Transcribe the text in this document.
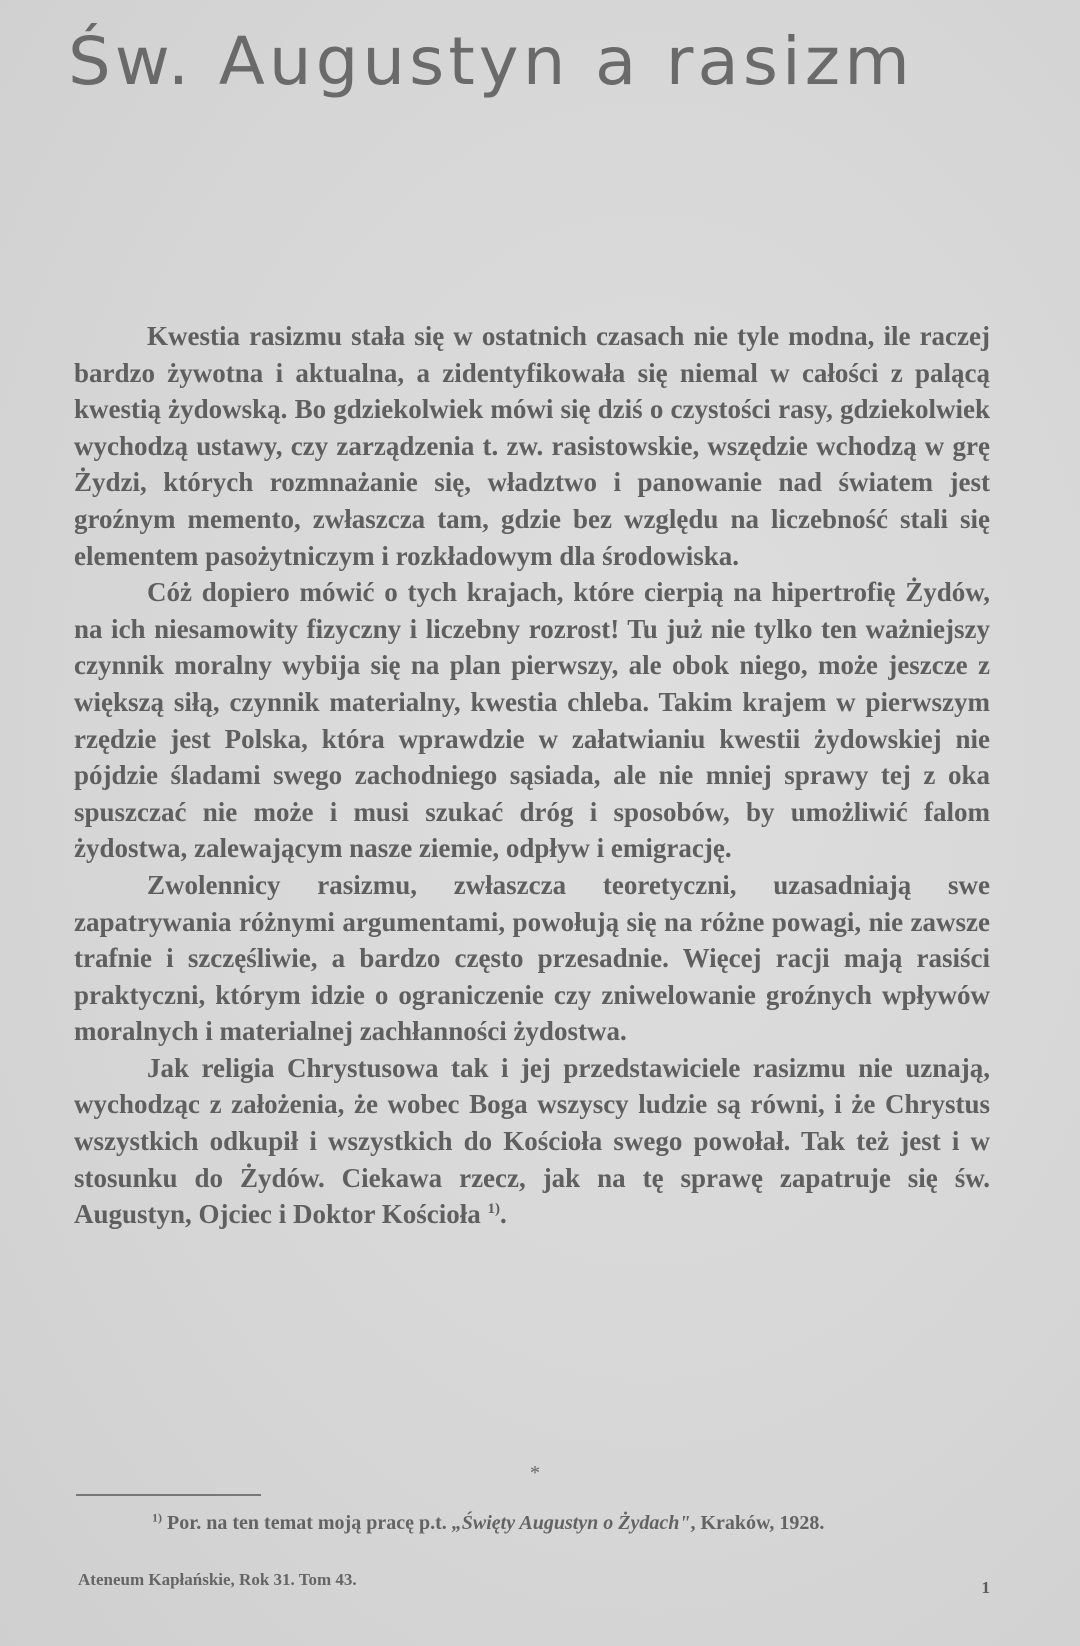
Św. Augustyn a rasizm

Kwestia rasizmu stała się w ostatnich czasach nie tyle modna, ile raczej bardzo żywotna i aktualna, a zidentyfikowała się niemal w całości z palącą kwestią żydowską. Bo gdziekolwiek mówi się dziś o czystości rasy, gdziekolwiek wychodzą ustawy, czy zarządzenia t. zw. rasistowskie, wszędzie wchodzą w grę Żydzi, których rozmnażanie się, władztwo i panowanie nad światem jest groźnym memento, zwłaszcza tam, gdzie bez względu na liczebność stali się elementem pasożytniczym i rozkładowym dla środowiska.

Cóż dopiero mówić o tych krajach, które cierpią na hipertrofię Żydów, na ich niesamowity fizyczny i liczebny rozrost! Tu już nie tylko ten ważniejszy czynnik moralny wybija się na plan pierwszy, ale obok niego, może jeszcze z większą siłą, czynnik materialny, kwestia chleba. Takim krajem w pierwszym rzędzie jest Polska, która wprawdzie w załatwianiu kwestii żydowskiej nie pójdzie śladami swego zachodniego sąsiada, ale nie mniej sprawy tej z oka spuszczać nie może i musi szukać dróg i sposobów, by umożliwić falom żydostwa, zalewającym nasze ziemie, odpływ i emigrację.

Zwolennicy rasizmu, zwłaszcza teoretyczni, uzasadniają swe zapatrywania różnymi argumentami, powołują się na różne powagi, nie zawsze trafnie i szczęśliwie, a bardzo często przesadnie. Więcej racji mają rasiści praktyczni, którym idzie o ograniczenie czy zniwelowanie groźnych wpływów moralnych i materialnej zachłanności żydostwa.

Jak religia Chrystusowa tak i jej przedstawiciele rasizmu nie uznają, wychodząc z założenia, że wobec Boga wszyscy ludzie są równi, i że Chrystus wszystkich odkupił i wszystkich do Kościoła swego powołał. Tak też jest i w stosunku do Żydów. Ciekawa rzecz, jak na tę sprawę zapatruje się św. Augustyn, Ojciec i Doktor Kościoła $^{1)}$.

*

$^{1)}$ Por. na ten temat moją pracę p.t. „Święty Augustyn o Żydach", Kraków, 1928.

Ateneum Kapłańskie, Rok 31. Tom 43.	1
